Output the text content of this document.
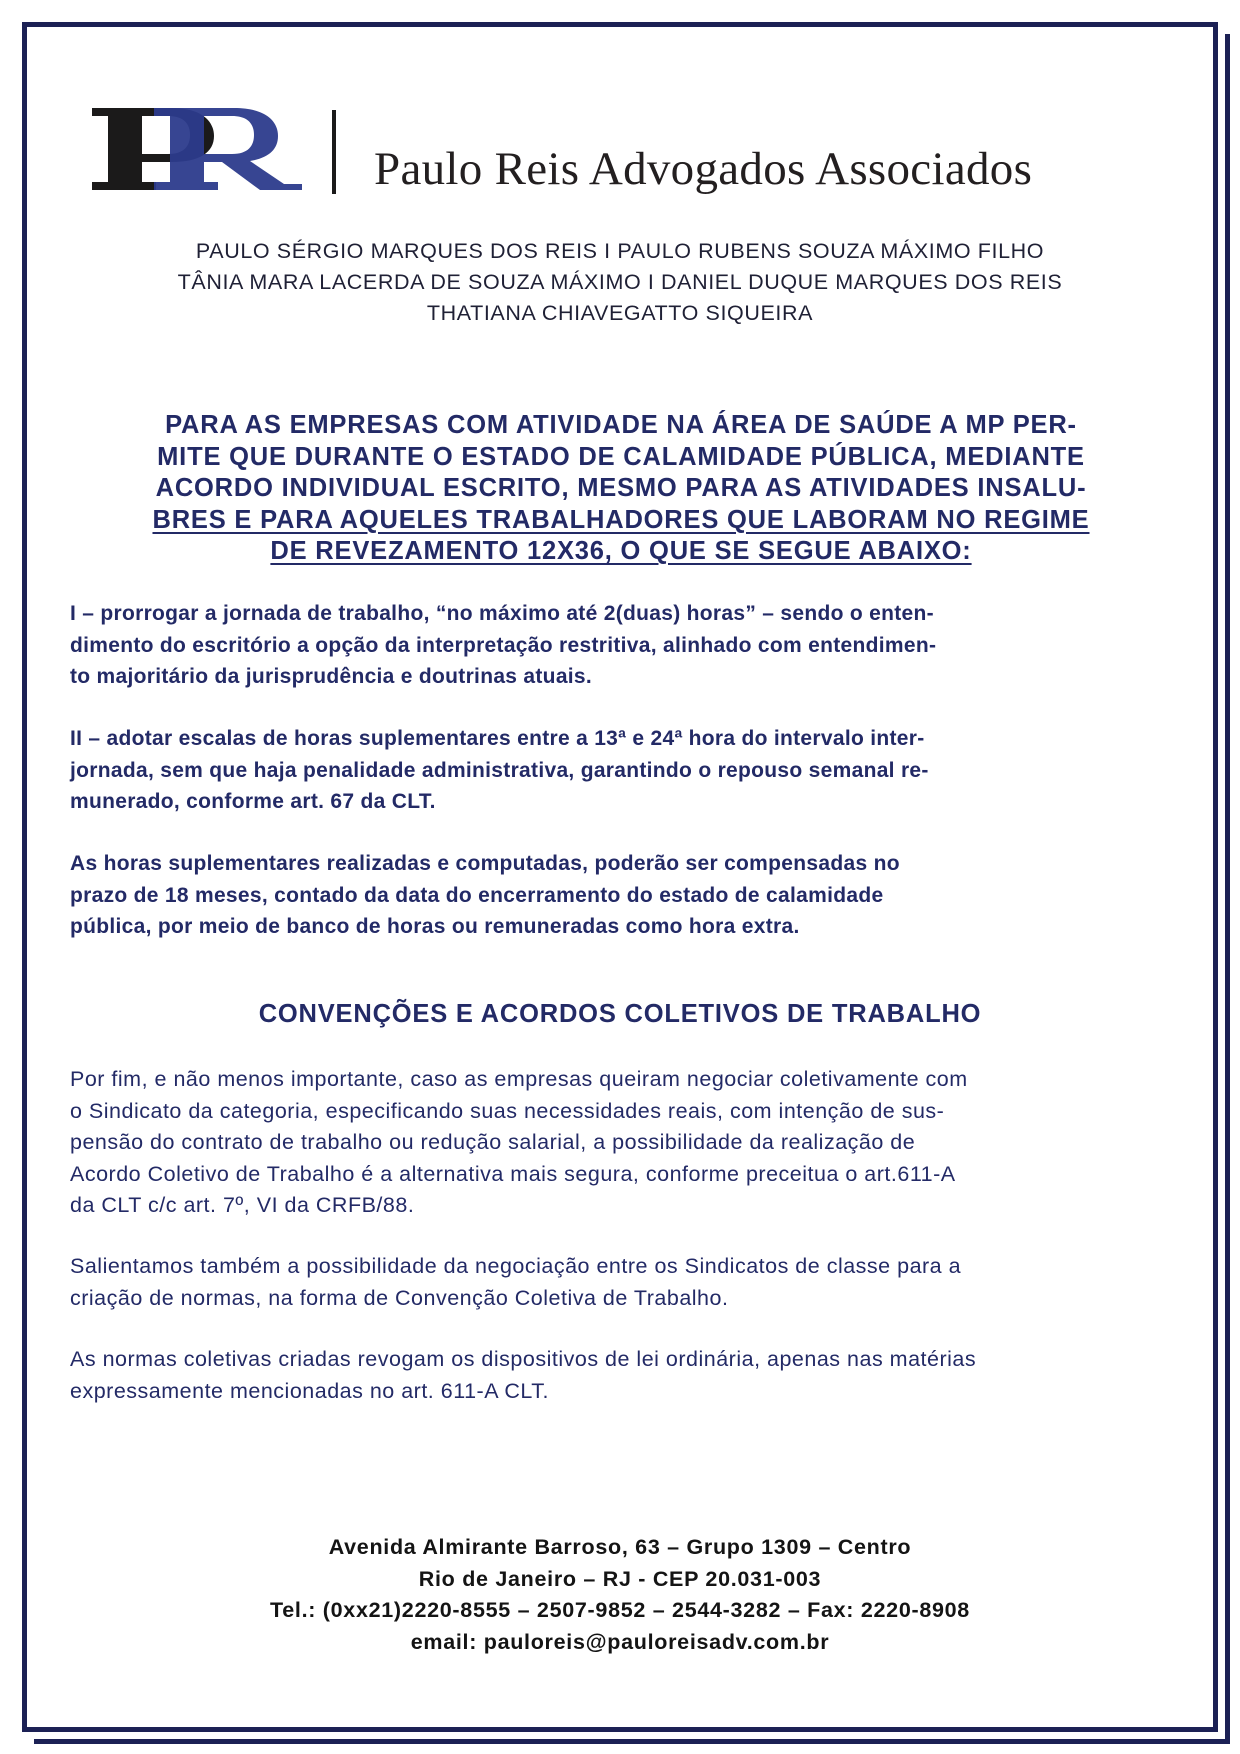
Paulo Reis Advogados Associados
PAULO SÉRGIO MARQUES DOS REIS I PAULO RUBENS SOUZA MÁXIMO FILHO
TÂNIA MARA LACERDA DE SOUZA MÁXIMO I DANIEL DUQUE MARQUES DOS REIS
THATIANA CHIAVEGATTO SIQUEIRA
PARA AS EMPRESAS COM ATIVIDADE NA ÁREA DE SAÚDE A MP PER-
MITE QUE DURANTE O ESTADO DE CALAMIDADE PÚBLICA, MEDIANTE
ACORDO INDIVIDUAL ESCRITO, MESMO PARA AS ATIVIDADES INSALU-
BRES E PARA AQUELES TRABALHADORES QUE LABORAM NO REGIME
DE REVEZAMENTO 12X36, O QUE SE SEGUE ABAIXO:
I – prorrogar a jornada de trabalho, “no máximo até 2(duas) horas” – sendo o enten-
dimento do escritório a opção da interpretação restritiva, alinhado com entendimen-
to majoritário da jurisprudência e doutrinas atuais.
II – adotar escalas de horas suplementares entre a 13ª e 24ª hora do intervalo inter-
jornada, sem que haja penalidade administrativa, garantindo o repouso semanal re-
munerado, conforme art. 67 da CLT.
As horas suplementares realizadas e computadas, poderão ser compensadas no
prazo de 18 meses, contado da data do encerramento do estado de calamidade
pública, por meio de banco de horas ou remuneradas como hora extra.
CONVENÇÕES E ACORDOS COLETIVOS DE TRABALHO
Por fim, e não menos importante, caso as empresas queiram negociar coletivamente com
o Sindicato da categoria, especificando suas necessidades reais, com intenção de sus-
pensão do contrato de trabalho ou redução salarial, a possibilidade da realização de
Acordo Coletivo de Trabalho é a alternativa mais segura, conforme preceitua o art.611-A
da CLT c/c art. 7º, VI da CRFB/88.
Salientamos também a possibilidade da negociação entre os Sindicatos de classe para a
criação de normas, na forma de Convenção Coletiva de Trabalho.
As normas coletivas criadas revogam os dispositivos de lei ordinária, apenas nas matérias
expressamente mencionadas no art. 611-A CLT.
Avenida Almirante Barroso, 63 – Grupo 1309 – Centro
Rio de Janeiro – RJ - CEP 20.031-003
Tel.: (0xx21)2220-8555 – 2507-9852 – 2544-3282 – Fax: 2220-8908
email: pauloreis@pauloreisadv.com.br
